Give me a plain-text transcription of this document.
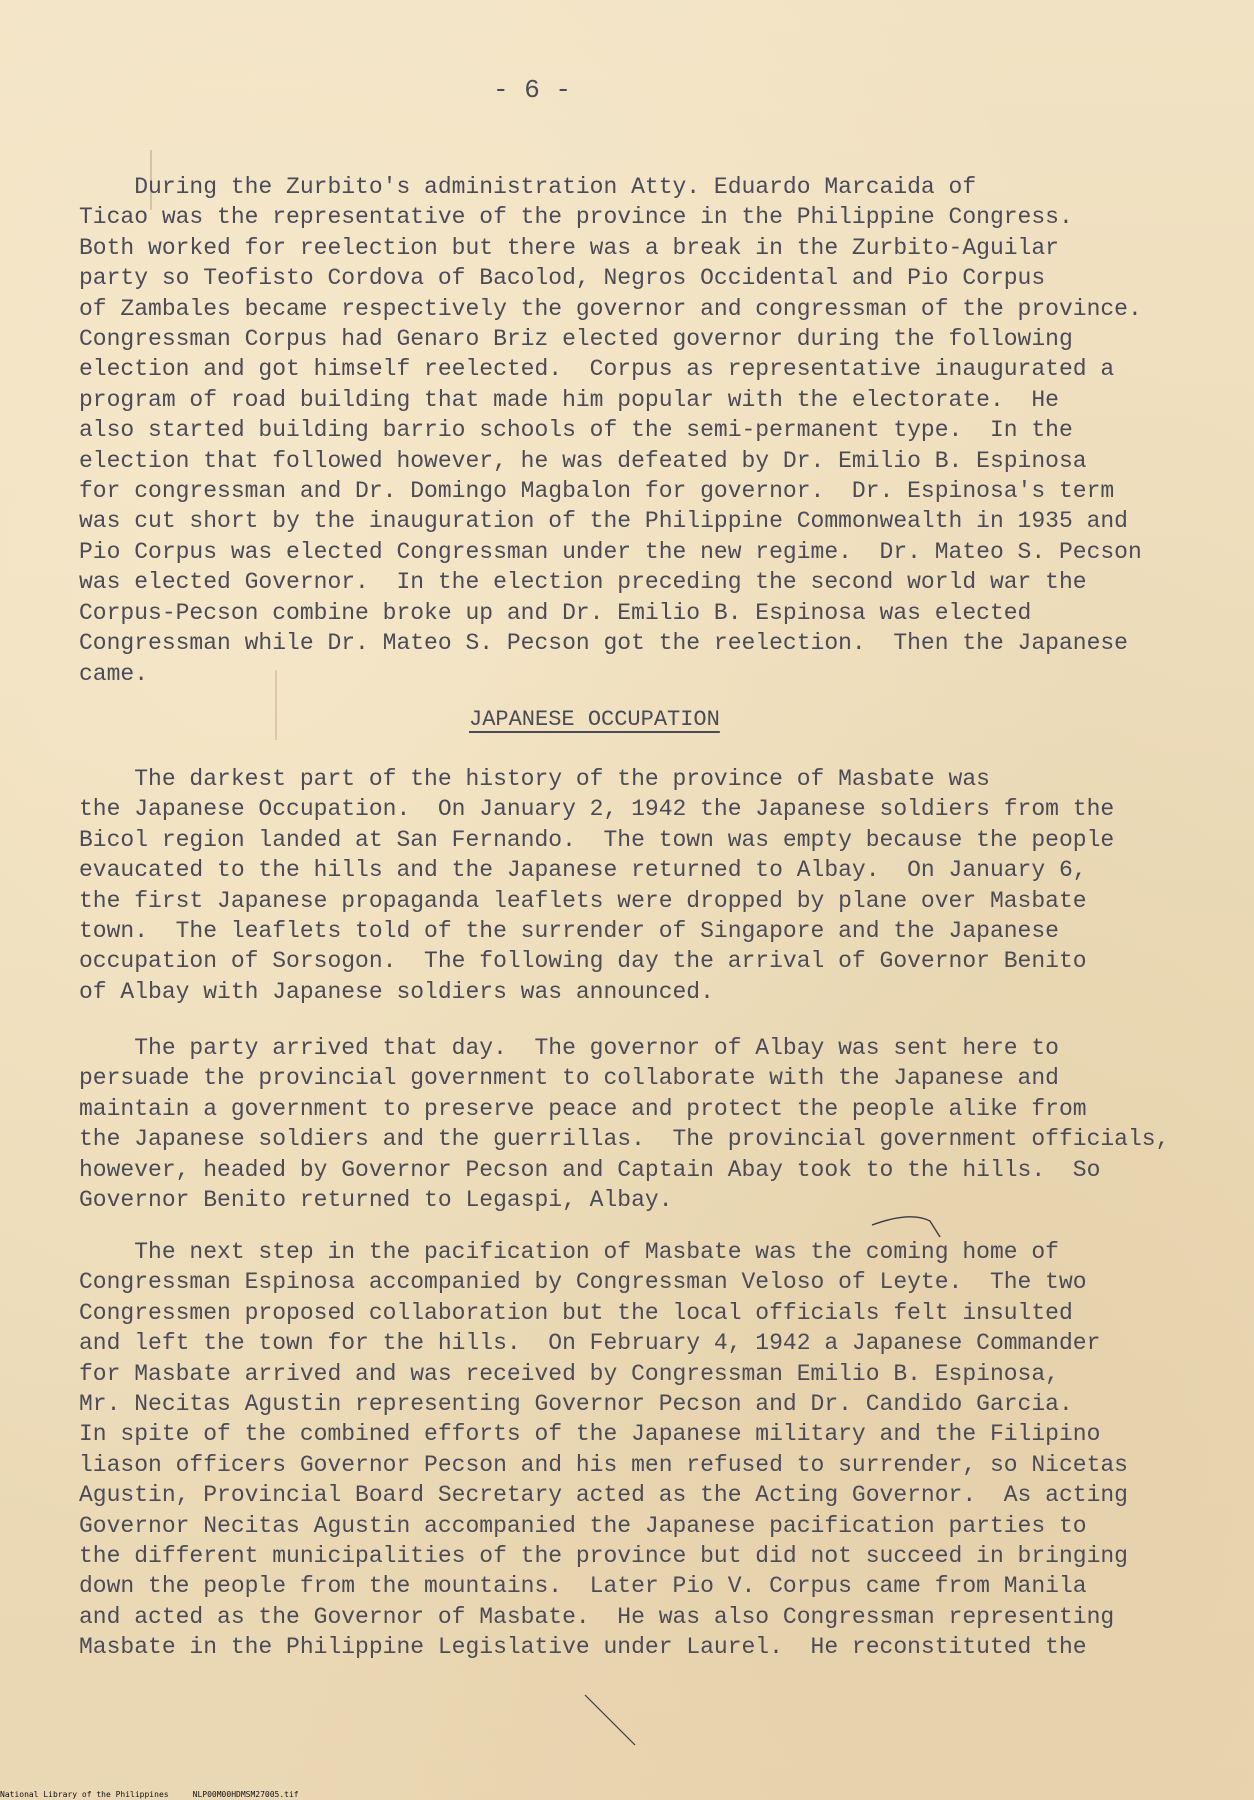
- 6 -
During the Zurbito's administration Atty. Eduardo Marcaida of
Ticao was the representative of the province in the Philippine Congress.
Both worked for reelection but there was a break in the Zurbito-Aguilar
party so Teofisto Cordova of Bacolod, Negros Occidental and Pio Corpus
of Zambales became respectively the governor and congressman of the province.
Congressman Corpus had Genaro Briz elected governor during the following
election and got himself reelected.  Corpus as representative inaugurated a
program of road building that made him popular with the electorate.  He
also started building barrio schools of the semi-permanent type.  In the
election that followed however, he was defeated by Dr. Emilio B. Espinosa
for congressman and Dr. Domingo Magbalon for governor.  Dr. Espinosa's term
was cut short by the inauguration of the Philippine Commonwealth in 1935 and
Pio Corpus was elected Congressman under the new regime.  Dr. Mateo S. Pecson
was elected Governor.  In the election preceding the second world war the
Corpus-Pecson combine broke up and Dr. Emilio B. Espinosa was elected
Congressman while Dr. Mateo S. Pecson got the reelection.  Then the Japanese
came.
JAPANESE OCCUPATION
The darkest part of the history of the province of Masbate was
the Japanese Occupation.  On January 2, 1942 the Japanese soldiers from the
Bicol region landed at San Fernando.  The town was empty because the people
evaucated to the hills and the Japanese returned to Albay.  On January 6,
the first Japanese propaganda leaflets were dropped by plane over Masbate
town.  The leaflets told of the surrender of Singapore and the Japanese
occupation of Sorsogon.  The following day the arrival of Governor Benito
of Albay with Japanese soldiers was announced.
The party arrived that day.  The governor of Albay was sent here to
persuade the provincial government to collaborate with the Japanese and
maintain a government to preserve peace and protect the people alike from
the Japanese soldiers and the guerrillas.  The provincial government officials,
however, headed by Governor Pecson and Captain Abay took to the hills.  So
Governor Benito returned to Legaspi, Albay.
The next step in the pacification of Masbate was the coming home of
Congressman Espinosa accompanied by Congressman Veloso of Leyte.  The two
Congressmen proposed collaboration but the local officials felt insulted
and left the town for the hills.  On February 4, 1942 a Japanese Commander
for Masbate arrived and was received by Congressman Emilio B. Espinosa,
Mr. Necitas Agustin representing Governor Pecson and Dr. Candido Garcia.
In spite of the combined efforts of the Japanese military and the Filipino
liason officers Governor Pecson and his men refused to surrender, so Nicetas
Agustin, Provincial Board Secretary acted as the Acting Governor.  As acting
Governor Necitas Agustin accompanied the Japanese pacification parties to
the different municipalities of the province but did not succeed in bringing
down the people from the mountains.  Later Pio V. Corpus came from Manila
and acted as the Governor of Masbate.  He was also Congressman representing
Masbate in the Philippine Legislative under Laurel.  He reconstituted the
National Library of the Philippines     NLP00M00HDMSM27005.tif
